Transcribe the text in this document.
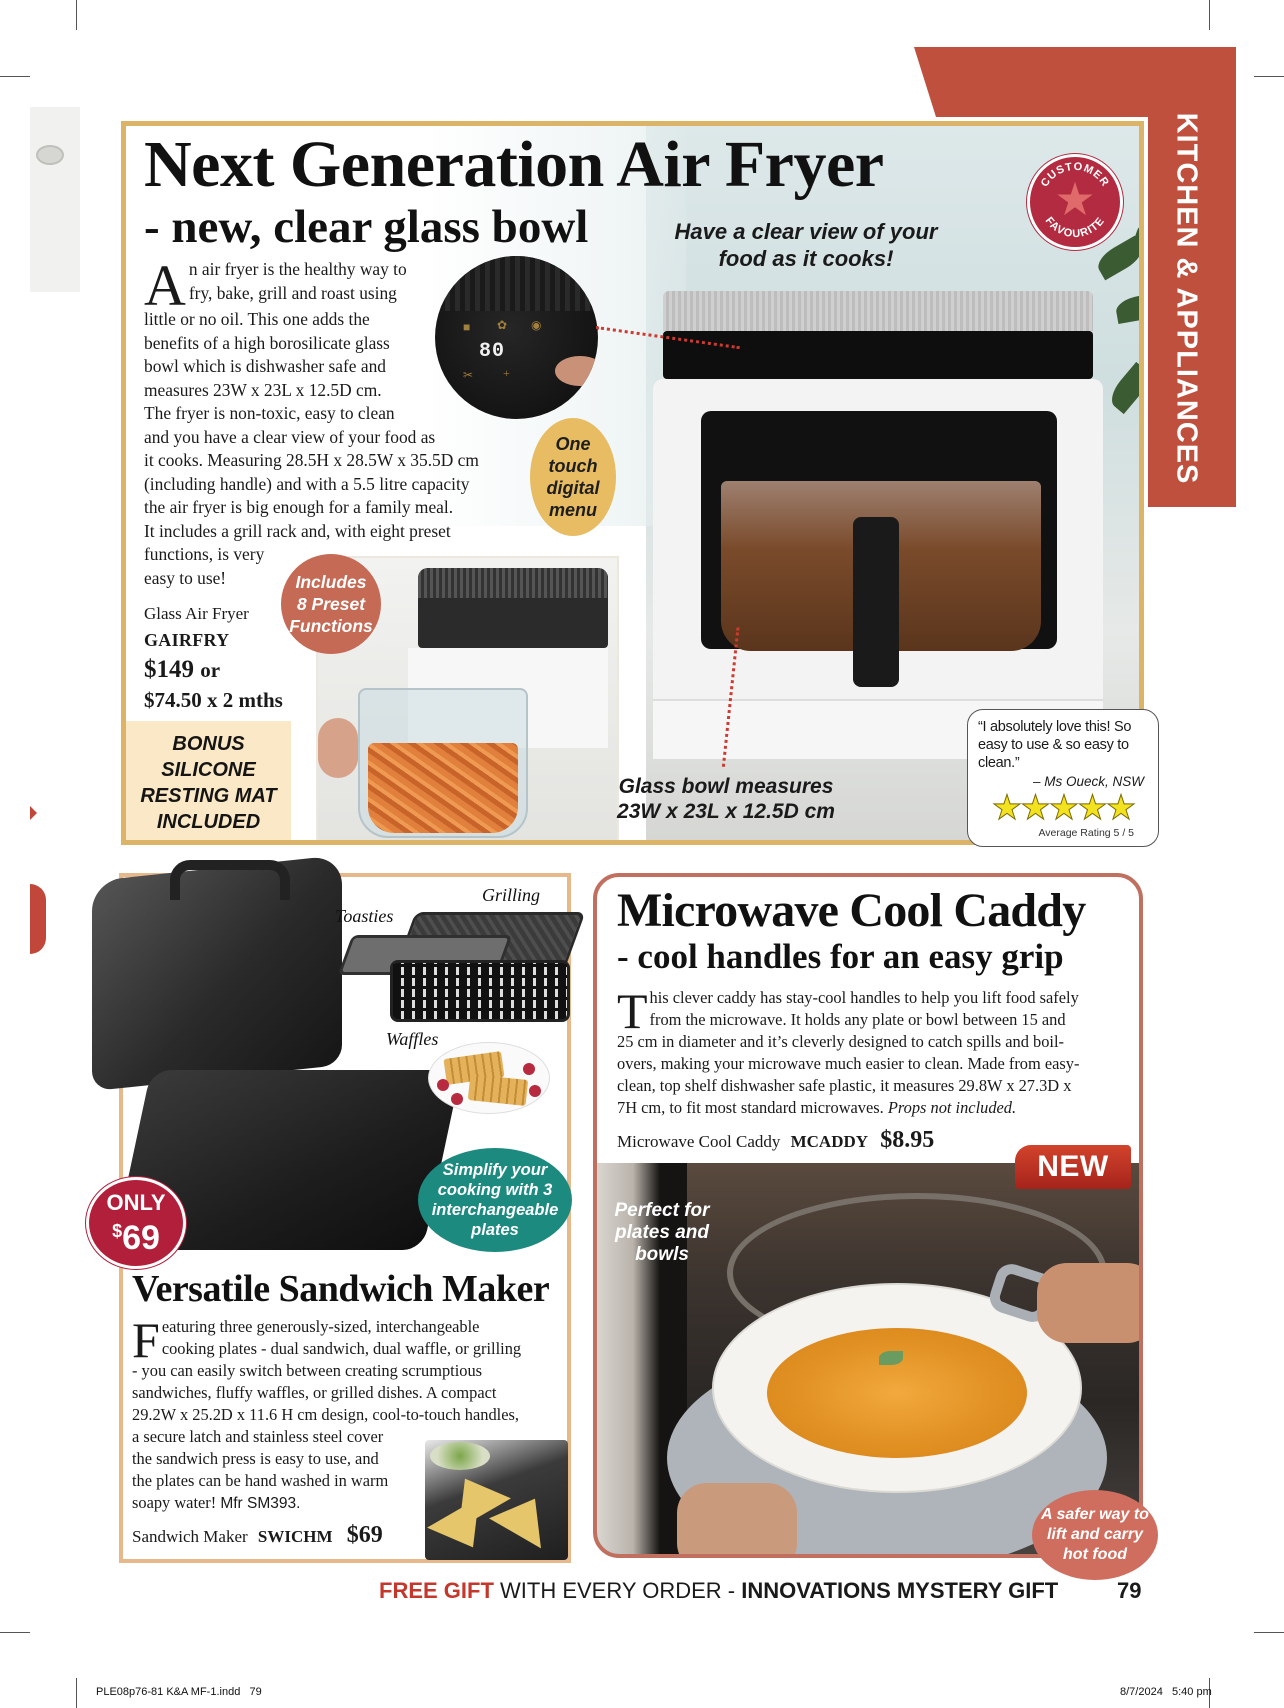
KITCHEN & APPLIANCES
Next Generation Air Fryer
- new, clear glass bowl
A n air fryer is the healthy way to
fry, bake, grill and roast using
little or no oil. This one adds the
benefits of a high borosilicate glass
bowl which is dishwasher safe and
measures 23W x 23L x 12.5D cm.
The fryer is non-toxic, easy to clean
and you have a clear view of your food as
it cooks. Measuring 28.5H x 28.5W x 35.5D cm
(including handle) and with a 5.5 litre capacity
the air fryer is big enough for a family meal.
It includes a grill rack and, with eight preset
functions, is very
easy to use!
Glass Air Fryer
GAIRFRY
$149 or
$74.50 x 2 mths
BONUS
SILICONE
RESTING MAT
INCLUDED
■ ✿ ◉
✂ +
80
One
touch
digital
menu
Includes
8 Preset
Functions
Have a clear view of your food as it cooks!
Glass bowl measures
23W x 23L x 12.5D cm
★
CUSTOMER
FAVOURITE
“I absolutely love this! So easy to use & so easy to clean.”
– Ms Oueck, NSW
★★★★★
Average Rating 5 / 5
Grilling
Toasties
Waffles
ONLY
$69
Simplify your
cooking with 3
interchangeable
plates
Versatile Sandwich Maker
F eaturing three generously-sized, interchangeable
cooking plates - dual sandwich, dual waffle, or grilling
- you can easily switch between creating scrumptious
sandwiches, fluffy waffles, or grilled dishes. A compact
29.2W x 25.2D x 11.6 H cm design, cool-to-touch handles,
a secure latch and stainless steel cover
the sandwich press is easy to use, and
the plates can be hand washed in warm
soapy water! Mfr SM393.
Sandwich Maker SWICHM $69
Microwave Cool Caddy
- cool handles for an easy grip
T his clever caddy has stay-cool handles to help you lift food safely
from the microwave. It holds any plate or bowl between 15 and
25 cm in diameter and it’s cleverly designed to catch spills and boil-
overs, making your microwave much easier to clean. Made from easy-
clean, top shelf dishwasher safe plastic, it measures 29.8W x 27.3D x
7H cm, to fit most standard microwaves. Props not included.
Microwave Cool Caddy MCADDY $8.95
NEW
Perfect for
plates and
bowls
A safer way to
lift and carry
hot food
FREE GIFT WITH EVERY ORDER - INNOVATIONS MYSTERY GIFT	79
PLE08p76-81 K&A MF-1.indd   79	8/7/2024   5:40 pm
